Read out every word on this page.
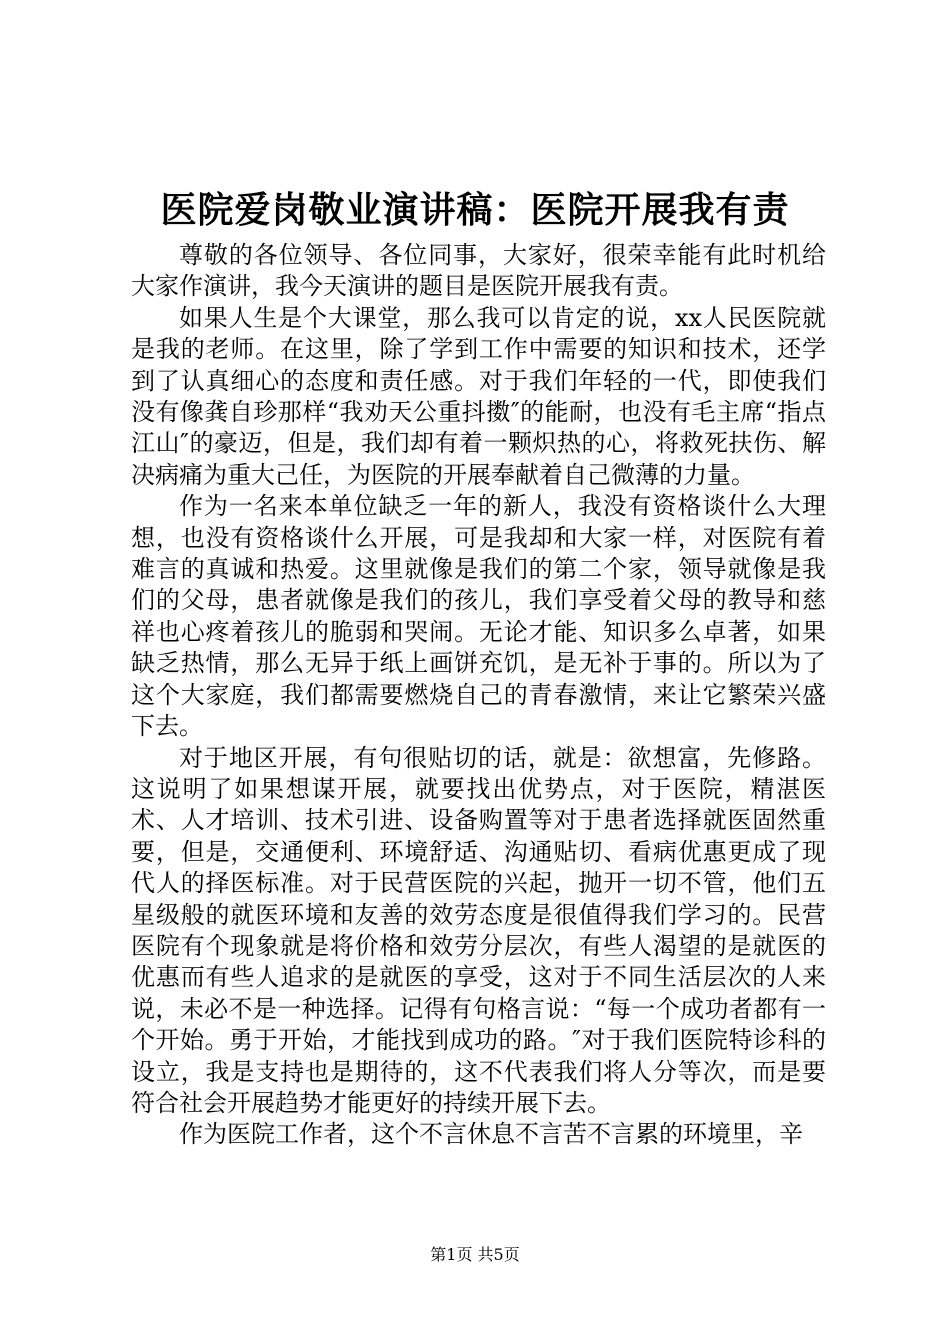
医院爱岗敬业演讲稿：医院开展我有责

尊敬的各位领导、各位同事，大家好，很荣幸能有此时机给大家作演讲，我今天演讲的题目是医院开展我有责。

如果人生是个大课堂，那么我可以肯定的说，xx人民医院就是我的老师。在这里，除了学到工作中需要的知识和技术，还学到了认真细心的态度和责任感。对于我们年轻的一代，即使我们没有像龚自珍那样“我劝天公重抖擞″的能耐，也没有毛主席“指点江山″的豪迈，但是，我们却有着一颗炽热的心，将救死扶伤、解决病痛为重大己任，为医院的开展奉献着自己微薄的力量。

作为一名来本单位缺乏一年的新人，我没有资格谈什么大理想，也没有资格谈什么开展，可是我却和大家一样，对医院有着难言的真诚和热爱。这里就像是我们的第二个家，领导就像是我们的父母，患者就像是我们的孩儿，我们享受着父母的教导和慈祥也心疼着孩儿的脆弱和哭闹。无论才能、知识多么卓著，如果缺乏热情，那么无异于纸上画饼充饥，是无补于事的。所以为了这个大家庭，我们都需要燃烧自己的青春激情，来让它繁荣兴盛下去。

对于地区开展，有句很贴切的话，就是：欲想富，先修路。这说明了如果想谋开展，就要找出优势点，对于医院，精湛医术、人才培训、技术引进、设备购置等对于患者选择就医固然重要，但是，交通便利、环境舒适、沟通贴切、看病优惠更成了现代人的择医标准。对于民营医院的兴起，抛开一切不管，他们五星级般的就医环境和友善的效劳态度是很值得我们学习的。民营医院有个现象就是将价格和效劳分层次，有些人渴望的是就医的优惠而有些人追求的是就医的享受，这对于不同生活层次的人来说，未必不是一种选择。记得有句格言说：“每一个成功者都有一个开始。勇于开始，才能找到成功的路。″对于我们医院特诊科的设立，我是支持也是期待的，这不代表我们将人分等次，而是要符合社会开展趋势才能更好的持续开展下去。

作为医院工作者，这个不言休息不言苦不言累的环境里，辛

第1页 共5页
